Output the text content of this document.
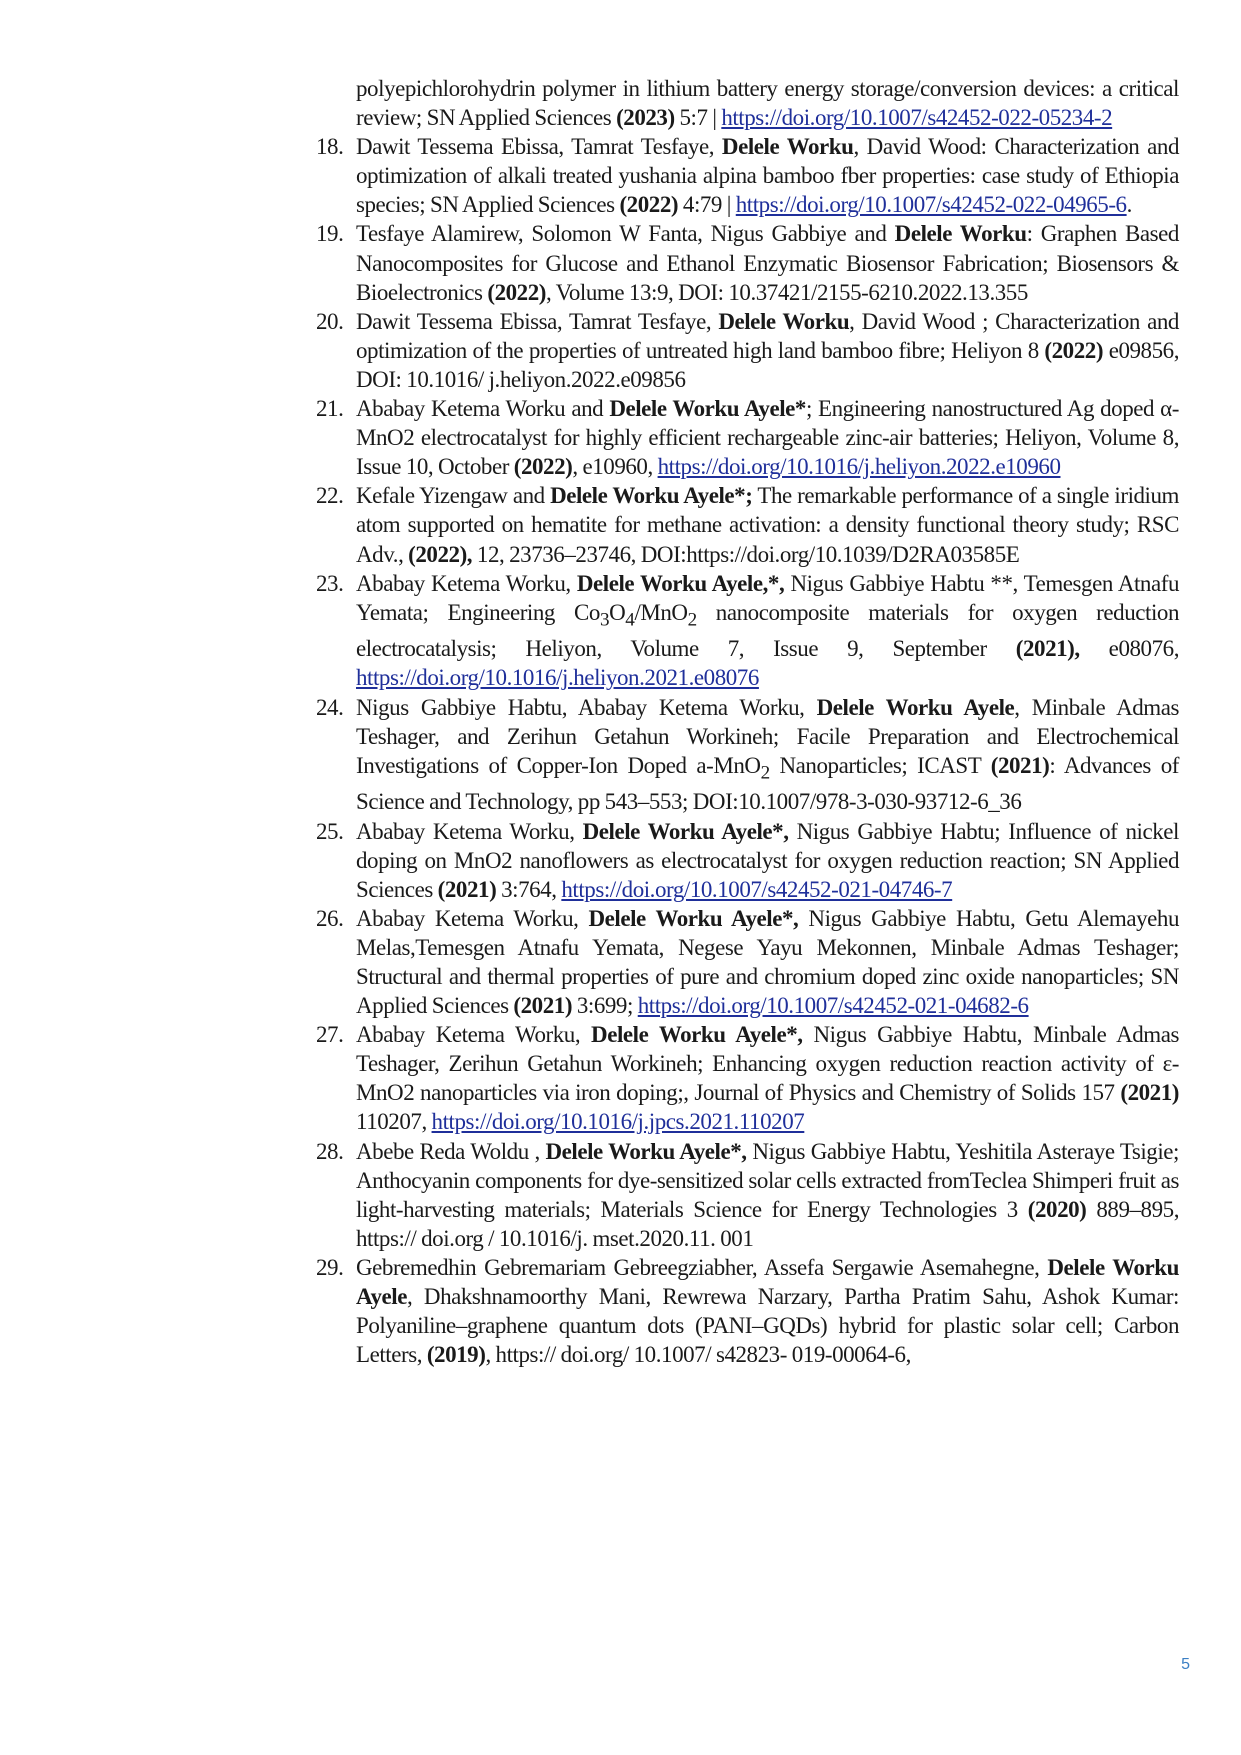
polyepichlorohydrin polymer in lithium battery energy storage/conversion devices: a critical review; SN Applied Sciences (2023) 5:7 | https://doi.org/10.1007/s42452-022-05234-2

18. Dawit Tessema Ebissa, Tamrat Tesfaye, Delele Worku, David Wood: Characterization and optimization of alkali treated yushania alpina bamboo fber properties: case study of Ethiopia species; SN Applied Sciences (2022) 4:79 | https://doi.org/10.1007/s42452-022-04965-6.

19. Tesfaye Alamirew, Solomon W Fanta, Nigus Gabbiye and Delele Worku: Graphen Based Nanocomposites for Glucose and Ethanol Enzymatic Biosensor Fabrication; Biosensors & Bioelectronics (2022), Volume 13:9, DOI: 10.37421/2155-6210.2022.13.355

20. Dawit Tessema Ebissa, Tamrat Tesfaye, Delele Worku, David Wood ; Characterization and optimization of the properties of untreated high land bamboo fibre; Heliyon 8 (2022) e09856, DOI: 10.1016/ j.heliyon.2022.e09856

21. Ababay Ketema Worku and Delele Worku Ayele*; Engineering nanostructured Ag doped α-MnO2 electrocatalyst for highly efficient rechargeable zinc-air batteries; Heliyon, Volume 8, Issue 10, October (2022), e10960, https://doi.org/10.1016/j.heliyon.2022.e10960

22. Kefale Yizengaw and Delele Worku Ayele*; The remarkable performance of a single iridium atom supported on hematite for methane activation: a density functional theory study; RSC Adv., (2022), 12, 23736–23746, DOI:https://doi.org/10.1039/D2RA03585E

23. Ababay Ketema Worku, Delele Worku Ayele,*, Nigus Gabbiye Habtu **, Temesgen Atnafu Yemata; Engineering $Co_3O_4/MnO_2$ nanocomposite materials for oxygen reduction electrocatalysis; Heliyon, Volume 7, Issue 9, September (2021), e08076, https://doi.org/10.1016/j.heliyon.2021.e08076

24. Nigus Gabbiye Habtu, Ababay Ketema Worku, Delele Worku Ayele, Minbale Admas Teshager, and Zerihun Getahun Workineh; Facile Preparation and Electrochemical Investigations of Copper-Ion Doped a-MnO$_2$ Nanoparticles; ICAST (2021): Advances of Science and Technology, pp 543–553; DOI:10.1007/978-3-030-93712-6_36

25. Ababay Ketema Worku, Delele Worku Ayele*, Nigus Gabbiye Habtu; Influence of nickel doping on MnO2 nanoflowers as electrocatalyst for oxygen reduction reaction; SN Applied Sciences (2021) 3:764, https://doi.org/10.1007/s42452-021-04746-7

26. Ababay Ketema Worku, Delele Worku Ayele*, Nigus Gabbiye Habtu, Getu Alemayehu Melas,Temesgen Atnafu Yemata, Negese Yayu Mekonnen, Minbale Admas Teshager; Structural and thermal properties of pure and chromium doped zinc oxide nanoparticles; SN Applied Sciences (2021) 3:699; https://doi.org/10.1007/s42452-021-04682-6

27. Ababay Ketema Worku, Delele Worku Ayele*, Nigus Gabbiye Habtu, Minbale Admas Teshager, Zerihun Getahun Workineh; Enhancing oxygen reduction reaction activity of ε-MnO2 nanoparticles via iron doping;, Journal of Physics and Chemistry of Solids 157 (2021) 110207, https://doi.org/10.1016/j.jpcs.2021.110207

28. Abebe Reda Woldu , Delele Worku Ayele*, Nigus Gabbiye Habtu, Yeshitila Asteraye Tsigie; Anthocyanin components for dye-sensitized solar cells extracted fromTeclea Shimperi fruit as light-harvesting materials; Materials Science for Energy Technologies 3 (2020) 889–895, https:// doi.org / 10.1016/j. mset.2020.11. 001

29. Gebremedhin Gebremariam Gebreegziabher, Assefa Sergawie Asemahegne, Delele Worku Ayele, Dhakshnamoorthy Mani, Rewrewa Narzary, Partha Pratim Sahu, Ashok Kumar: Polyaniline–graphene quantum dots (PANI–GQDs) hybrid for plastic solar cell; Carbon Letters, (2019), https:// doi.org/ 10.1007/ s42823- 019-00064-6,

5
